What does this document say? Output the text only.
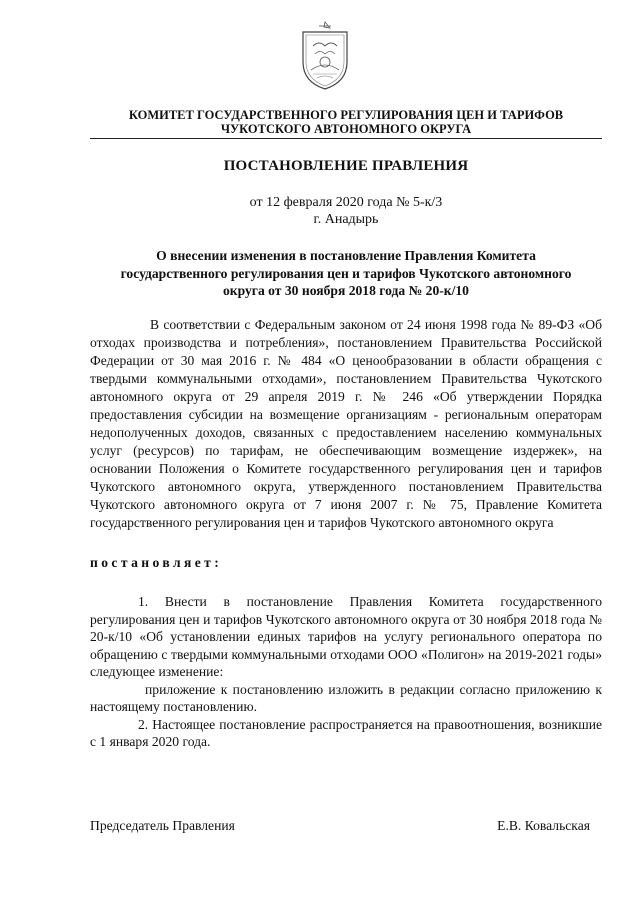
КОМИТЕТ ГОСУДАРСТВЕННОГО РЕГУЛИРОВАНИЯ ЦЕН И ТАРИФОВ
ЧУКОТСКОГО АВТОНОМНОГО ОКРУГА
ПОСТАНОВЛЕНИЕ ПРАВЛЕНИЯ
от 12 февраля 2020 года № 5-к/3
г. Анадырь
О внесении изменения в постановление Правления Комитета
государственного регулирования цен и тарифов Чукотского автономного
округа от 30 ноября 2018 года № 20-к/10

В соответствии с Федеральным законом от 24 июня 1998 года № 89-ФЗ «Об отходах производства и потребления», постановлением Правительства Российской Федерации от 30 мая 2016 г. № 484 «О ценообразовании в области обращения с твердыми коммунальными отходами», постановлением Правительства Чукотского автономного округа от 29 апреля 2019 г. № 246 «Об утверждении Порядка предоставления субсидии на возмещение организациям - региональным операторам недополученных доходов, связанных с предоставлением населению коммунальных услуг (ресурсов) по тарифам, не обеспечивающим возмещение издержек», на основании Положения о Комитете государственного регулирования цен и тарифов Чукотского автономного округа, утвержденного постановлением Правительства Чукотского автономного округа от 7 июня 2007 г. № 75, Правление Комитета государственного регулирования цен и тарифов Чукотского автономного округа

постановляет:

1. Внести в постановление Правления Комитета государственного регулирования цен и тарифов Чукотского автономного округа от 30 ноября 2018 года № 20-к/10 «Об установлении единых тарифов на услугу регионального оператора по обращению с твердыми коммунальными отходами ООО «Полигон» на 2019-2021 годы» следующее изменение:

приложение к постановлению изложить в редакции согласно приложению к настоящему постановлению.

2. Настоящее постановление распространяется на правоотношения, возникшие с 1 января 2020 года.

Председатель Правления	Е.В. Ковальская
